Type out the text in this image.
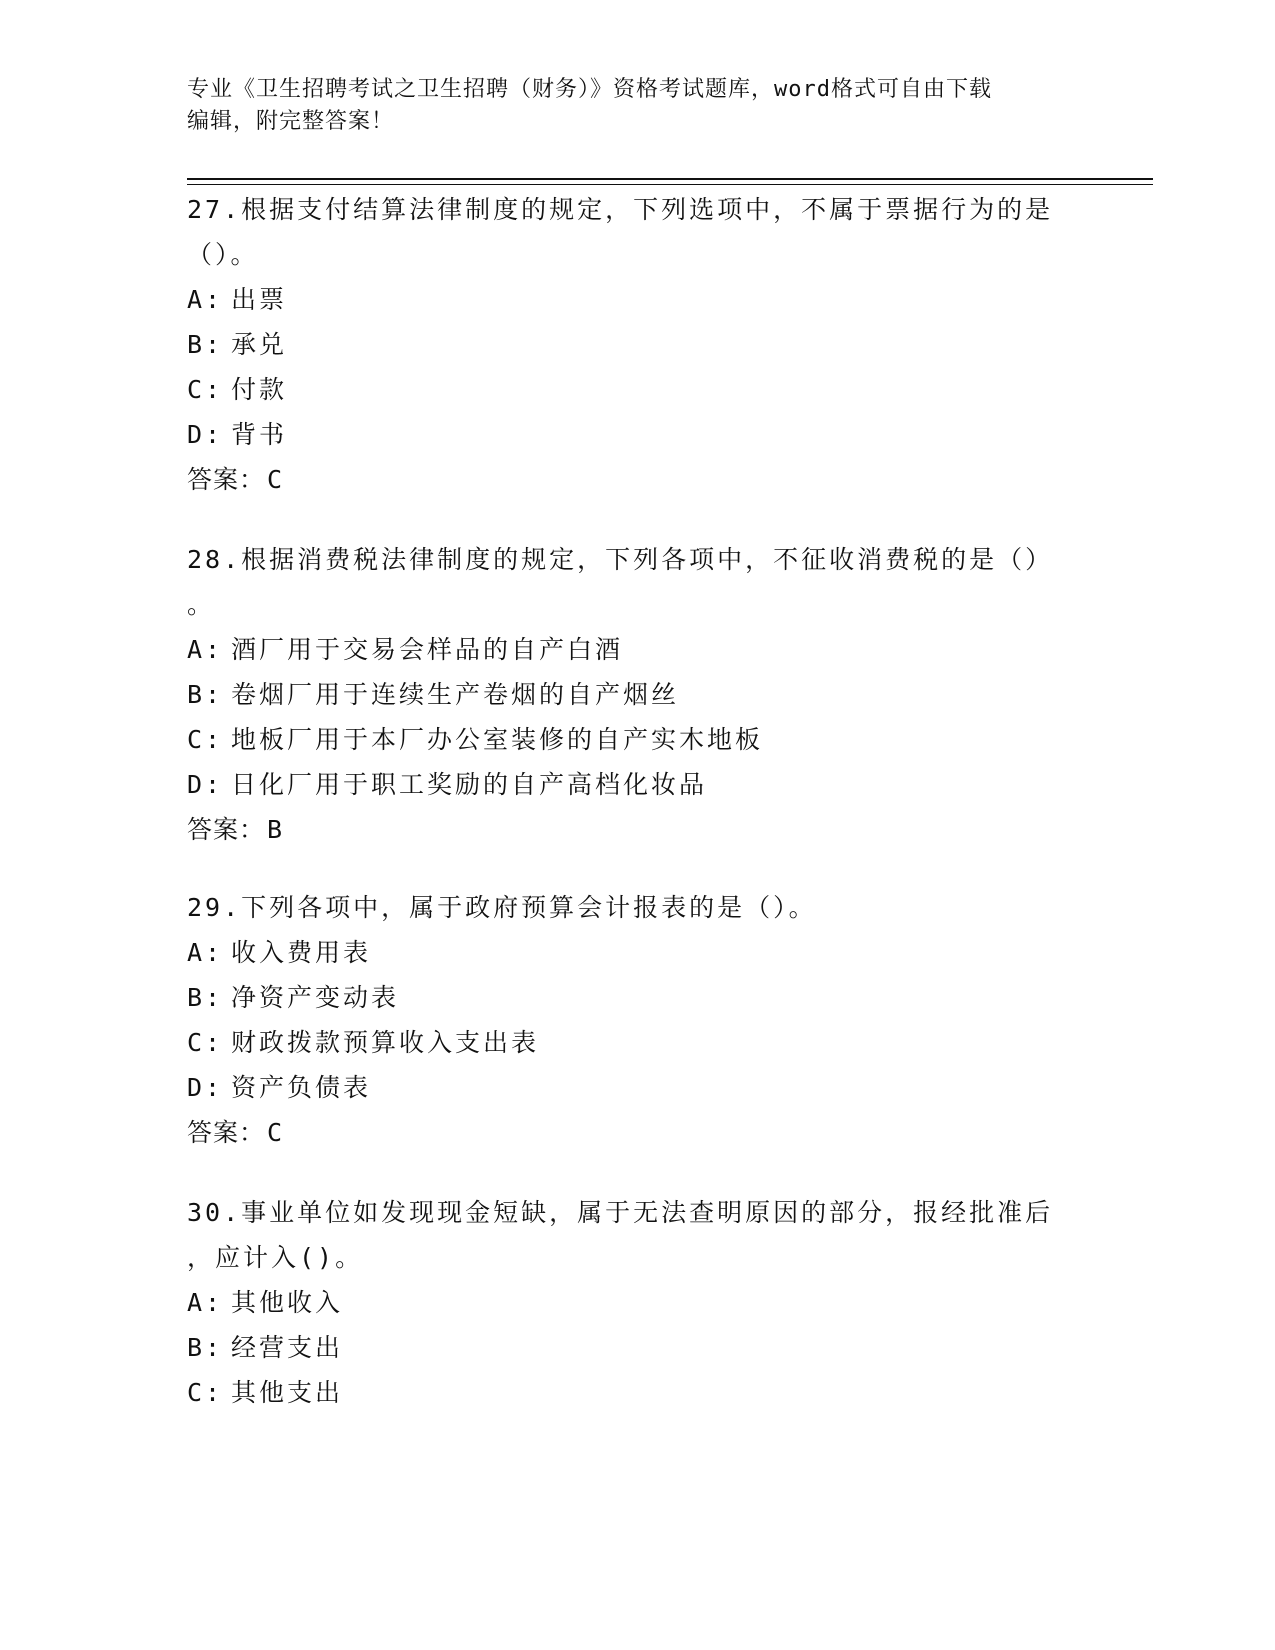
专业《卫生招聘考试之卫生招聘（财务）》资格考试题库，word格式可自由下载
编辑，附完整答案！

27.根据支付结算法律制度的规定，下列选项中，不属于票据行为的是

（）。

A: 出票

B: 承兑

C: 付款

D: 背书

答案：C

28.根据消费税法律制度的规定，下列各项中，不征收消费税的是（）

。

A: 酒厂用于交易会样品的自产白酒

B: 卷烟厂用于连续生产卷烟的自产烟丝

C: 地板厂用于本厂办公室装修的自产实木地板

D: 日化厂用于职工奖励的自产高档化妆品

答案：B

29.下列各项中，属于政府预算会计报表的是（）。

A: 收入费用表

B: 净资产变动表

C: 财政拨款预算收入支出表

D: 资产负债表

答案：C

30.事业单位如发现现金短缺，属于无法查明原因的部分，报经批准后

，应计入()。

A: 其他收入

B: 经营支出

C: 其他支出
